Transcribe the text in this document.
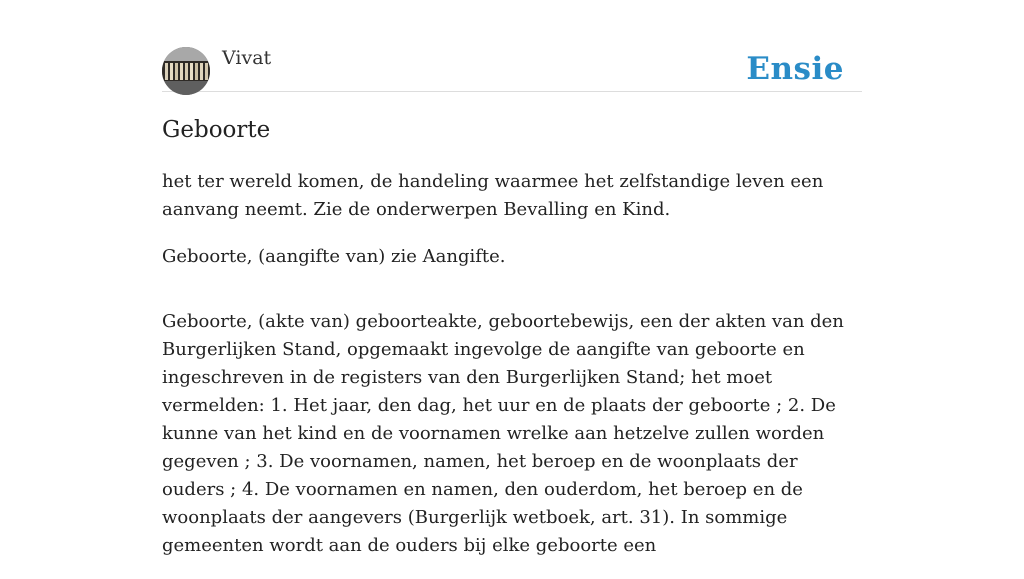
Vivat	Ensie
Geboorte

het ter wereld komen, de handeling waarmee het zelfstandige leven een aanvang neemt. Zie de onderwerpen Bevalling en Kind.

Geboorte, (aangifte van) zie Aangifte.

Geboorte, (akte van) geboorteakte, geboortebewijs, een der akten van den Burgerlijken Stand, opgemaakt ingevolge de aangifte van geboorte en ingeschreven in de registers van den Burgerlijken Stand; het moet vermelden: 1. Het jaar, den dag, het uur en de plaats der geboorte ; 2. De kunne van het kind en de voornamen wrelke aan hetzelve zullen worden gegeven ; 3. De voornamen, namen, het beroep en de woonplaats der ouders ; 4. De voornamen en namen, den ouderdom, het beroep en de woonplaats der aangevers (Burgerlijk wetboek, art. 31). In sommige gemeenten wordt aan de ouders bij elke geboorte een
